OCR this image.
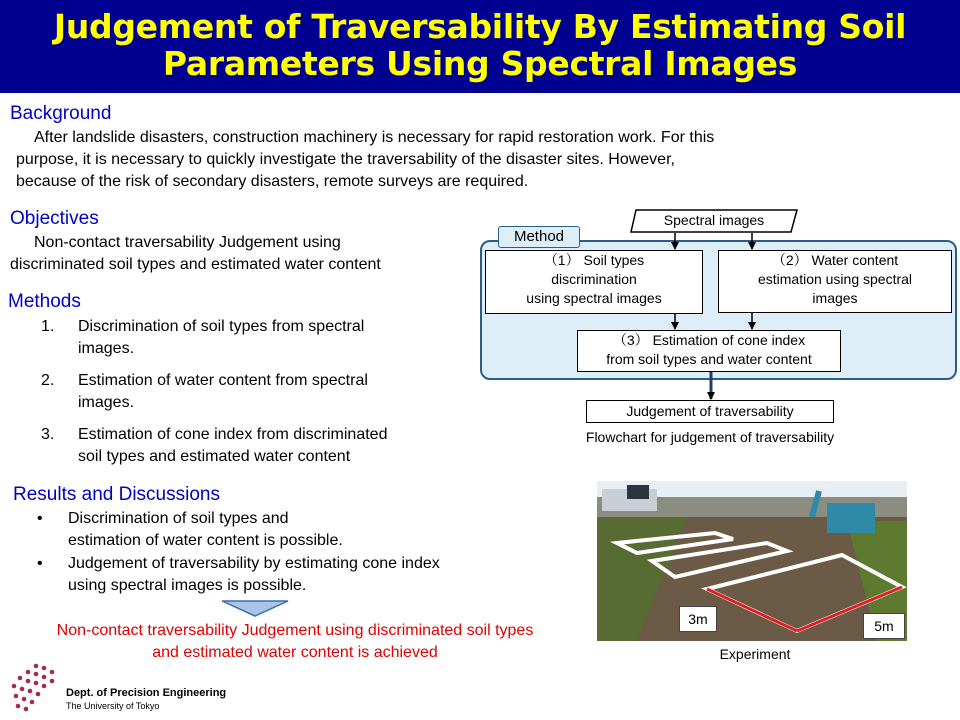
Judgement of Traversability By Estimating Soil
Parameters Using Spectral Images
Background
After landslide disasters, construction machinery is necessary for rapid restoration work. For this
purpose, it is necessary to quickly investigate the traversability of the disaster sites. However,
because of the risk of secondary disasters, remote surveys are required.
Objectives
Non-contact traversability Judgement using
discriminated soil types and estimated water content
Methods
1. Discrimination of soil types from spectral
images.
2. Estimation of water content from spectral
images.
3. Estimation of cone index from discriminated
soil types and estimated water content
Results and Discussions
• Discrimination of soil types and
estimation of water content is possible.
• Judgement of traversability by estimating cone index
using spectral images is possible.
Non-contact traversability Judgement using discriminated soil types
and estimated water content is achieved
Method
Spectral images
（1） Soil types
discrimination
using spectral images
（2） Water content
estimation using spectral
images
（3） Estimation of cone index
from soil types and water content
Judgement of traversability
Flowchart for judgement of traversability
3m	5m
Experiment
Dept. of Precision Engineering
The University of Tokyo
